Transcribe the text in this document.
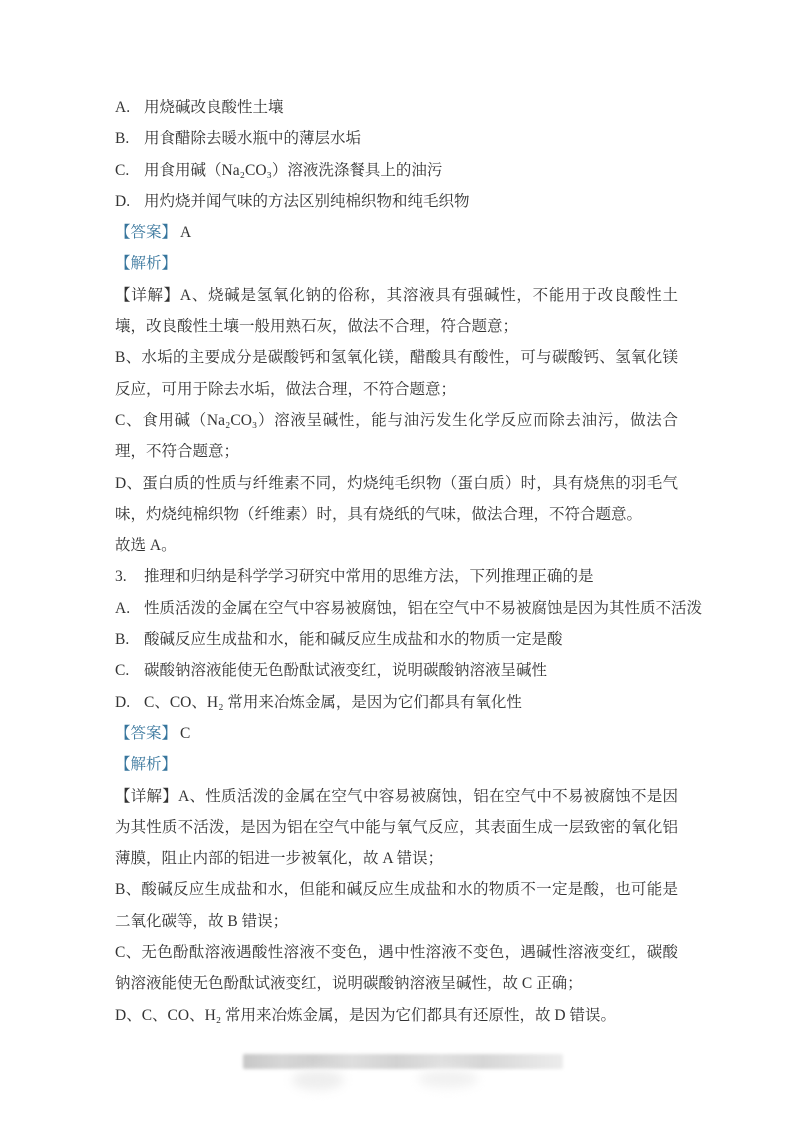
A. 用烧碱改良酸性土壤
B. 用食醋除去暖水瓶中的薄层水垢
C. 用食用碱（Na₂CO₃）溶液洗涤餐具上的油污
D. 用灼烧并闻气味的方法区别纯棉织物和纯毛织物
【答案】 A
【解析】

【详解】A、烧碱是氢氧化钠的俗称，其溶液具有强碱性，不能用于改良酸性土壤，改良酸性土壤一般用熟石灰，做法不合理，符合题意；

B、水垢的主要成分是碳酸钙和氢氧化镁，醋酸具有酸性，可与碳酸钙、氢氧化镁反应，可用于除去水垢，做法合理，不符合题意；

C、食用碱（Na₂CO₃）溶液呈碱性，能与油污发生化学反应而除去油污，做法合理，不符合题意；

D、蛋白质的性质与纤维素不同，灼烧纯毛织物（蛋白质）时，具有烧焦的羽毛气味，灼烧纯棉织物（纤维素）时，具有烧纸的气味，做法合理，不符合题意。

故选 A。

3.	推理和归纳是科学学习研究中常用的思维方法，下列推理正确的是
A. 性质活泼的金属在空气中容易被腐蚀，铝在空气中不易被腐蚀是因为其性质不活泼
B. 酸碱反应生成盐和水，能和碱反应生成盐和水的物质一定是酸
C. 碳酸钠溶液能使无色酚酞试液变红，说明碳酸钠溶液呈碱性
D. C、CO、H₂ 常用来冶炼金属，是因为它们都具有氧化性
【答案】 C
【解析】

【详解】A、性质活泼的金属在空气中容易被腐蚀，铝在空气中不易被腐蚀不是因为其性质不活泼，是因为铝在空气中能与氧气反应，其表面生成一层致密的氧化铝薄膜，阻止内部的铝进一步被氧化，故 A 错误；

B、酸碱反应生成盐和水，但能和碱反应生成盐和水的物质不一定是酸，也可能是二氧化碳等，故 B 错误；

C、无色酚酞溶液遇酸性溶液不变色，遇中性溶液不变色，遇碱性溶液变红，碳酸钠溶液能使无色酚酞试液变红，说明碳酸钠溶液呈碱性，故 C 正确；

D、C、CO、H₂ 常用来冶炼金属，是因为它们都具有还原性，故 D 错误。
